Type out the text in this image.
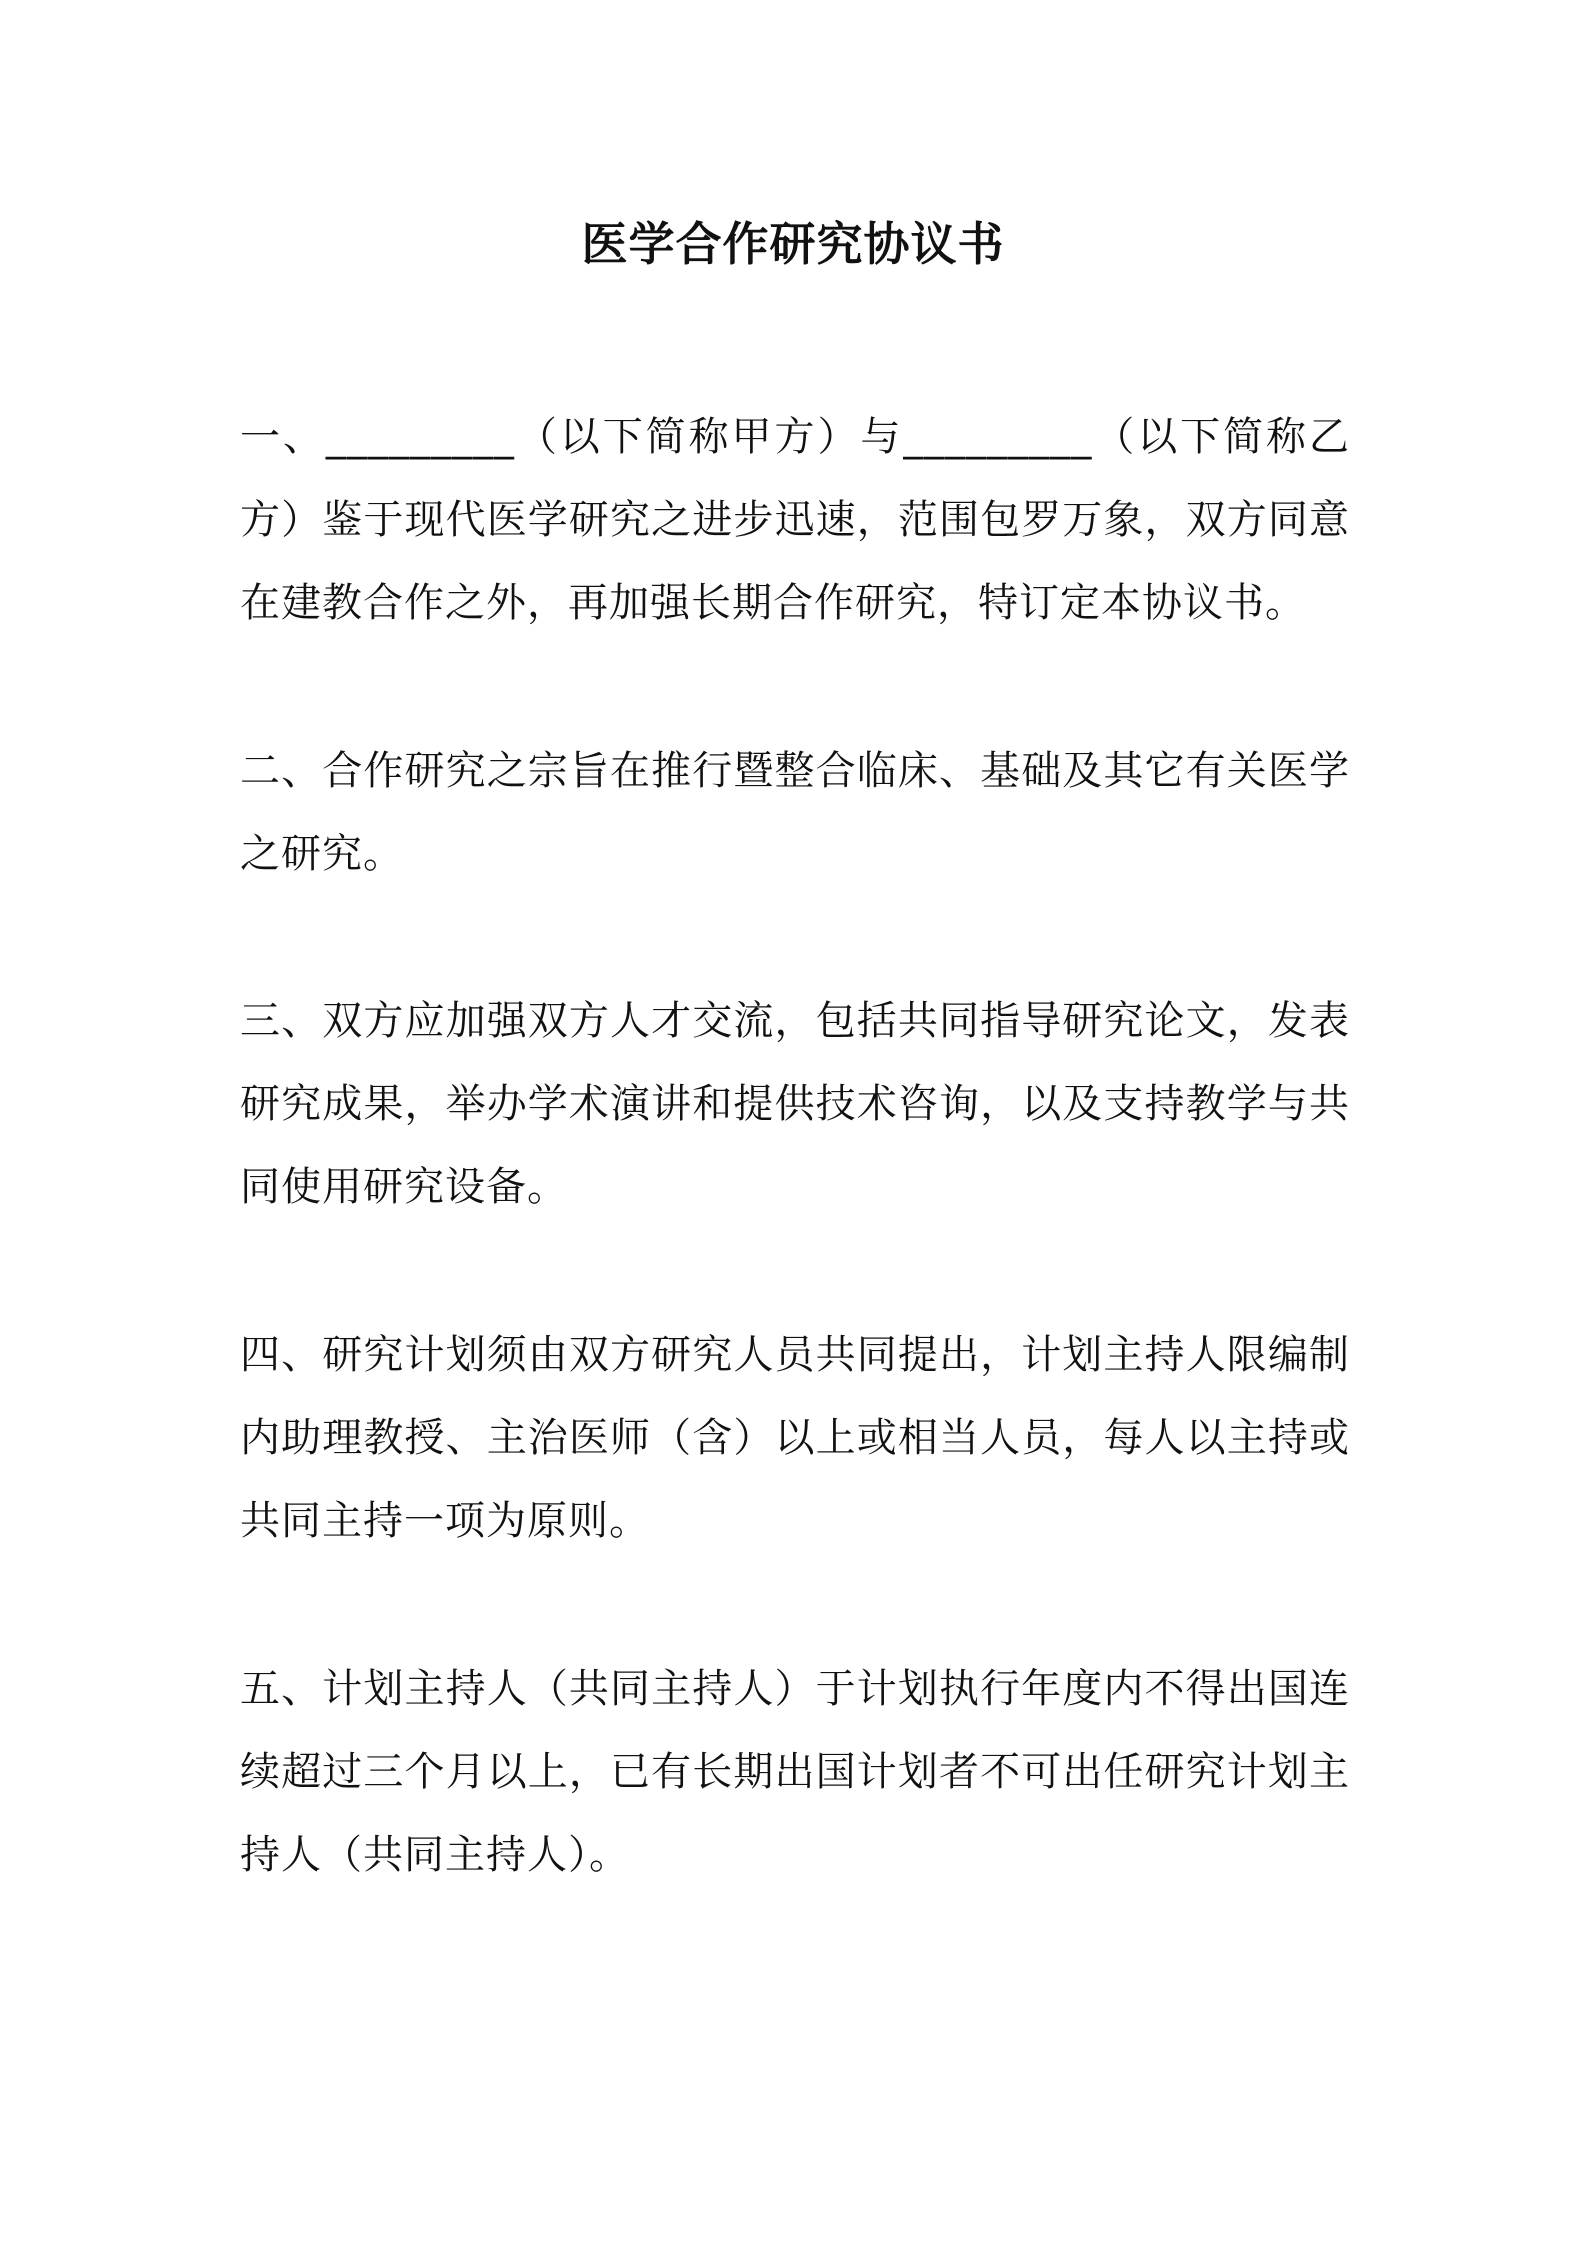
医学合作研究协议书

一、_________（以下简称甲方）与_________（以下简称乙方）鉴于现代医学研究之进步迅速，范围包罗万象，双方同意在建教合作之外，再加强长期合作研究，特订定本协议书。

二、合作研究之宗旨在推行暨整合临床、基础及其它有关医学之研究。

三、双方应加强双方人才交流，包括共同指导研究论文，发表研究成果，举办学术演讲和提供技术咨询，以及支持教学与共同使用研究设备。

四、研究计划须由双方研究人员共同提出，计划主持人限编制内助理教授、主治医师（含）以上或相当人员，每人以主持或共同主持一项为原则。

五、计划主持人（共同主持人）于计划执行年度内不得出国连续超过三个月以上，已有长期出国计划者不可出任研究计划主持人（共同主持人）。
